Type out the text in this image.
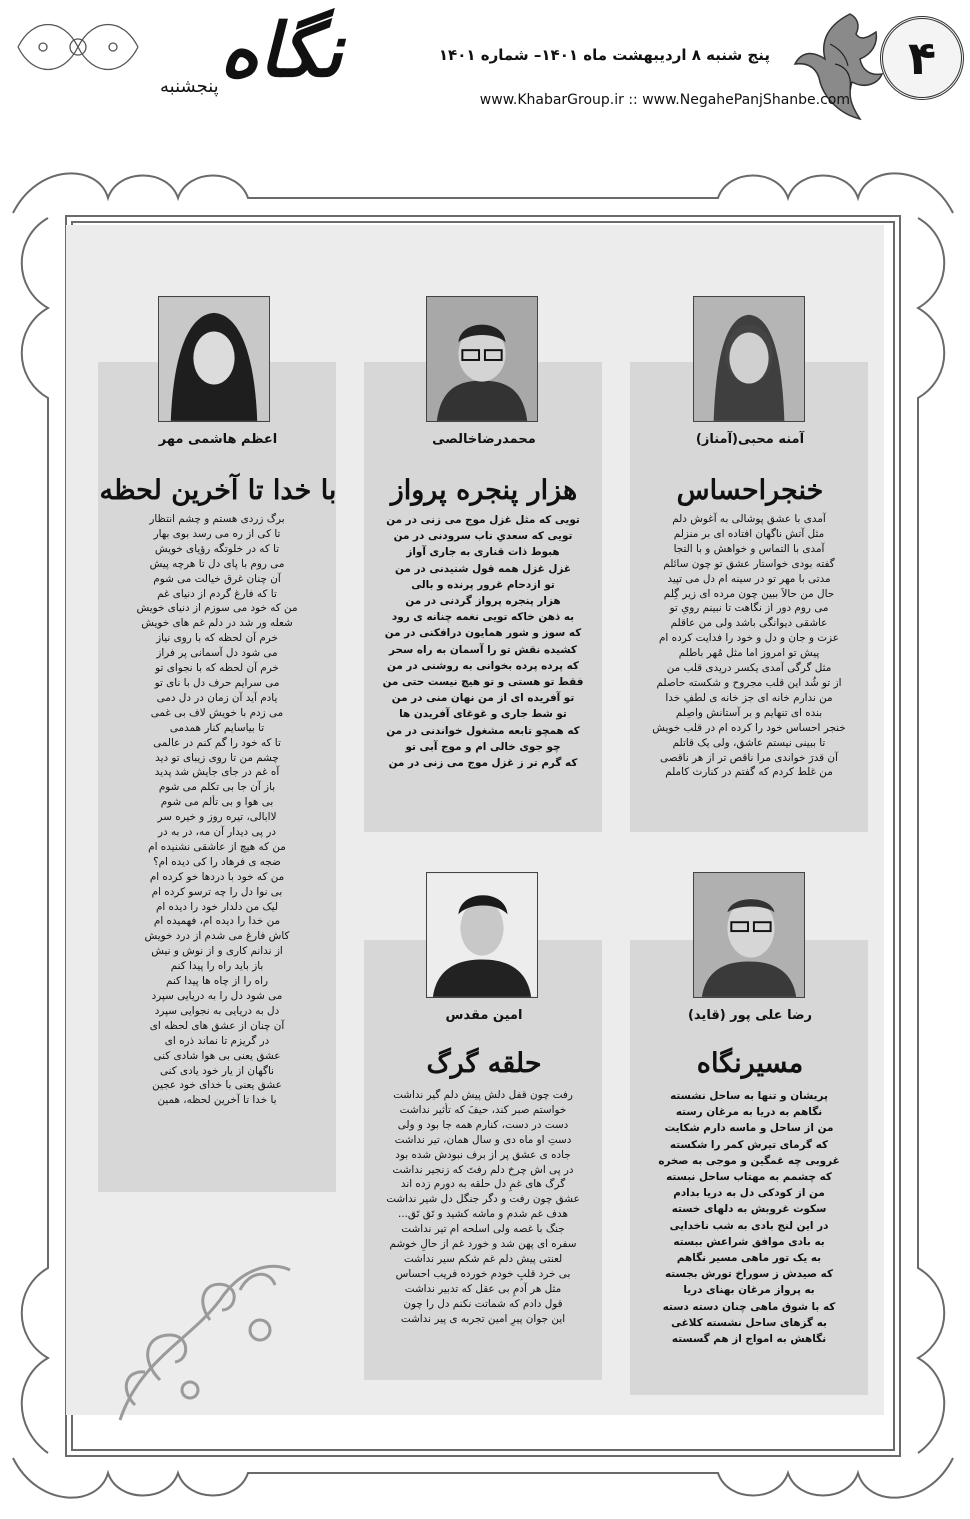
۴
نگاه
پنجشنبه
پنج شنبه ۸ اردیبهشت ماه ۱۴۰۱– شماره ۱۴۰۱
www.KhabarGroup.ir :: www.NegahePanjShanbe.com
آمنه محبی(آمناز)
خنجراحساس
آمدی با عشق پوشالی به آغوش دلم
مثل آتش ناگهان افتاده ای بر منزلم
آمدی با التماس و خواهش و با التجا
گفته بودی خواستار عشق تو چون سائلم
مدتی با مهر تو در سینه ام دل می تپید
حال من حالاَ ببین چون مرده ای زیر گِلم
می روم دور از نگاهت تا نبینم رویِ تو
عاشقی دیوانگی باشد ولی من عاقلم
عزت و جان و دل و خود را فدایت کرده ام
پیش تو امروز اما مثل مُهر باطلم
مثل گرگی آمدی یکسر دریدی قلب من
از تو شُد این قلب مجروح و شکسته حاصلم
من ندارم خانه ای جز خانه ی لطفِ خدا
بنده ای تنهایم و بر آستانش واصِلم
خنجر احساس خود را کرده ام در قلب خویش
تا ببینی نیستم عاشق، ولی یک قاتلم
آن قدرَ خواندی مرا ناقص تر از هر ناقصی
من غلط کردم که گفتم در کنارت کاملم
محمدرضاخالصی
هزار پنجره پرواز
تویی که مثل غزل موج می زنی در من
تویی که سعدیِ ناب سرودنی در من
هبوط ذات قناری به جاری آواز
غزل غزل همه قول شنیدنی در من
تو ازدحام غرور پرنده و بالی
هزار پنجره پرواز گردنی در من
به ذهن خاکه تویی نغمه چنانه ی رود
که سوز و شور همایون درافکنی در من
کشیده نقش تو را آسمان به راه سحر
که پرده پرده بخوانی به روشنی در من
فقط تو هستی و تو هیچ نیست حتی من
تو آفریده ای از من نهان منی در من
تو شط جاری و غوغای آفریدن ها
که همچو تابعه مشغول خواندنی در من
چو جوی خالی ام و موج آبی تو
که گرم تر ز غزل موج می زنی در من
اعظم هاشمی مهر
با خدا تا آخرین لحظه
برگ زردی هستم و چشم انتظار
تا کی از ره می رسد بوی بهار
تا که در خلوتگه رؤیای خویش
می روم با پای دل تا هرچه پیش
آن چنان غرق خیالت می شوم
تا که فارغ گردم از دنیای غم
من که خود می سوزم از دنیای خویش
شعله ور شد در دلم غم های خویش
خرم آن لحظه که با روی نیاز
می شود دل آسمانی پر فراز
خرم آن لحظه که با نجوای تو
می سرایم حرف دل با نای تو
یادم آید آن زمان در دل دمی
می زدم با خویش لاف بی غمی
تا بیاسایم کنار همدمی
تا که خود را گم کنم در عالمی
چشم من تا روی زیبای تو دید
آه غم در جای جایش شد پدید
باز آن جا بی تکلم می شوم
بی هوا و بی تألم می شوم
لاابالی، تیره روز و خیره سر
در پی دیدار آن مه، در به در
من که هیچ از عاشقی نشنیده ام
ضجه ی فرهاد را کی دیده ام؟
من که خود با دردها خو کرده ام
بی نوا دل را چه ترسو کرده ام
لیک من دلدار خود را دیده ام
من خدا را دیده ام، فهمیده ام
کاش فارغ می شدم از درد خویش
از ندانم کاری و از نوش و نیش
باز باید راه را پیدا کنم
راه را از چاه ها پیدا کنم
می شود دل را به دریایی سپرد
دل به دریایی به نجوایی سپرد
آن چنان از عشق های لحظه ای
در گریزم تا نماند ذره ای
عشق یعنی بی هوا شادی کنی
ناگهان از یار خود یادی کنی
عشق یعنی با خدای خود عجین
با خدا تا آخرین لحظه، همین
رضا علی پور (قاید)
مسیرنگاه
پریشان و تنها به ساحل نشسته
نگاهم به دریا به مرغان رسته
من از ساحل و ماسه دارم شکایت
که گرمای تیرش کمر را شکسته
غروبی چه غمگین و موجی به صخره
که چشمم به مهتاب ساحل نبسته
من از کودکی دل به دریا بدادم
سکوت غروبش به دلهای خسته
در این لنج بادی به شب ناخدایی
به بادی موافق شراعش ببسته
به یک تور ماهی مسیر نگاهم
که صیدش ز سوراخ تورش بجسته
به پرواز مرغان بهنای دریا
که با شوق ماهی چنان دسته دسته
به گزهای ساحل نشسته کلاغی
نگاهش به امواج از هم گسسته
امین مقدس
حلقه گرگ
رفت چون قفل دلش پیش دلم گیر نداشت
خواستم صبر کند، حیفَ که تأثیر نداشت
دست در دست، کنارم همه جا بود و ولی
دستِ او ماه دی و سال همان، تیر نداشت
جاده ی عشق پر از برف نبودش شده بود
در پی اش چرخِ دلم رفتَ که زنجیر نداشت
گرگ های غمِ دل حلقه به دورم زده اند
عشق چون رفت و دگر جنگل دل شیر نداشت
هدف غم شدم و ماشه کشید و تَق تَق...
جنگ با غصه ولی اسلحه ام تیر نداشت
سفره ای پهن شد و خورد غم از حالِ خوشم
لعنتی پیش دلم غم شکم سیر نداشت
بی خرد قلبِ خودم خورده فریب احساس
مثل هر آدمِ بی عقل که تدبیر نداشت
قول دادم که شماتت نکنم دل را چون
این جوان پیرِ امین تجربه ی پیر نداشت
